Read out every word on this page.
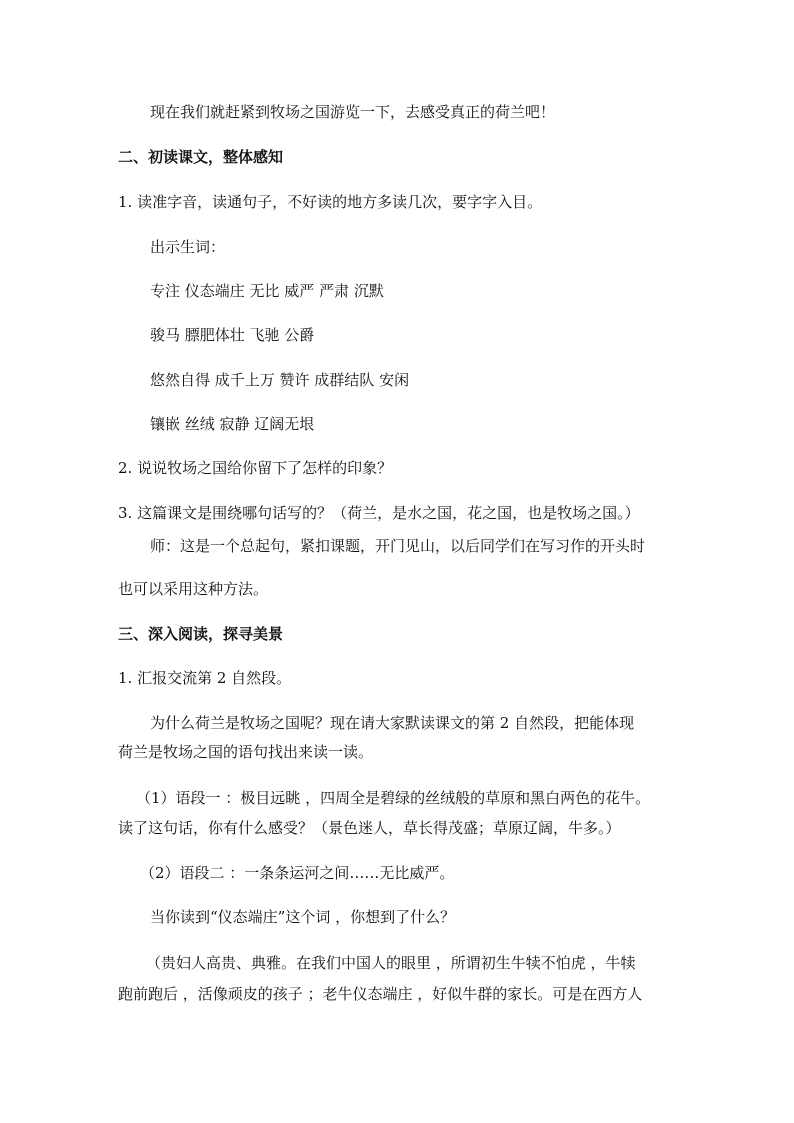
现在我们就赶紧到牧场之国游览一下，去感受真正的荷兰吧！
二、初读课文，整体感知
1. 读准字音，读通句子，不好读的地方多读几次，要字字入目。
出示生词：
专注 仪态端庄 无比 威严 严肃 沉默
骏马 膘肥体壮 飞驰 公爵
悠然自得 成千上万 赞许 成群结队 安闲
镶嵌 丝绒 寂静 辽阔无垠
2. 说说牧场之国给你留下了怎样的印象？
3. 这篇课文是围绕哪句话写的？（荷兰，是水之国，花之国，也是牧场之国。）
师：这是一个总起句，紧扣课题，开门见山，以后同学们在写习作的开头时
也可以采用这种方法。
三、深入阅读，探寻美景
1. 汇报交流第 2 自然段。
为什么荷兰是牧场之国呢？现在请大家默读课文的第 2 自然段，把能体现
荷兰是牧场之国的语句找出来读一读。
（1）语段一 ：极目远眺 ，四周全是碧绿的丝绒般的草原和黑白两色的花牛。
读了这句话，你有什么感受？（景色迷人，草长得茂盛；草原辽阔，牛多。）
（2）语段二 ：一条条运河之间……无比威严。
当你读到“仪态端庄”这个词 ，你想到了什么？
（贵妇人高贵、典雅。在我们中国人的眼里 ，所谓初生牛犊不怕虎 ，牛犊
跑前跑后 ，活像顽皮的孩子 ；老牛仪态端庄 ，好似牛群的家长。可是在西方人
